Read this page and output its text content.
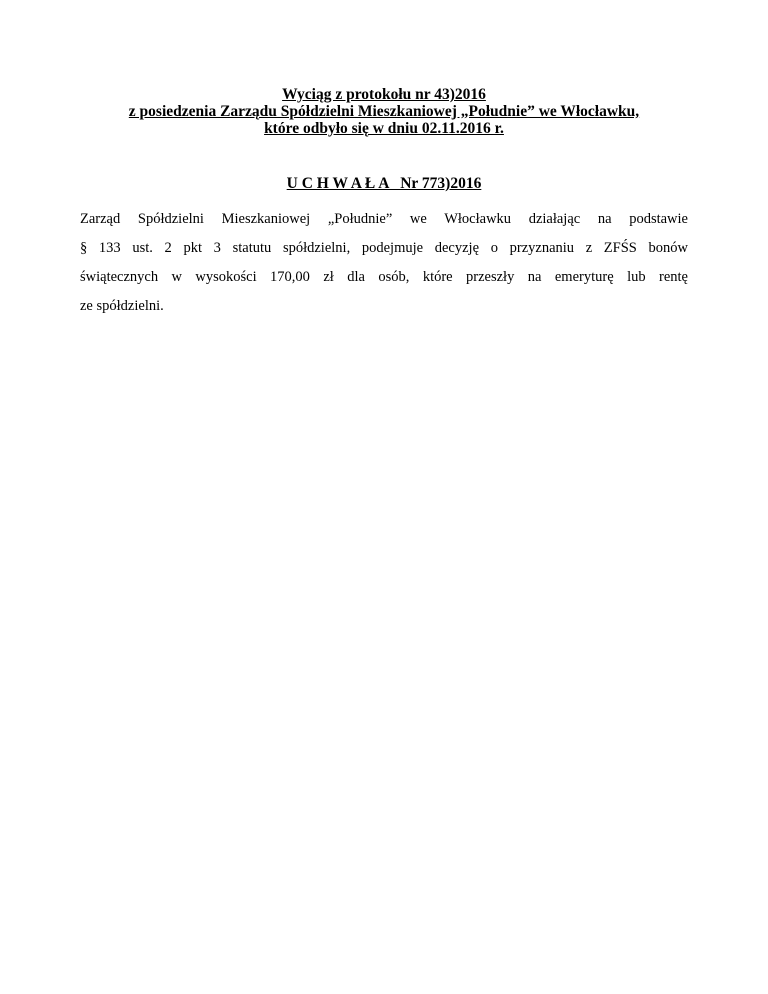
Wyciąg z protokołu nr 43)2016
z posiedzenia Zarządu Spółdzielni Mieszkaniowej „Południe” we Włocławku,
które odbyło się w dniu 02.11.2016 r.
U C H W A Ł A   Nr 773)2016
Zarząd Spółdzielni Mieszkaniowej „Południe” we Włocławku działając na podstawie
§ 133 ust. 2 pkt 3 statutu spółdzielni, podejmuje decyzję o przyznaniu z ZFŚS bonów
świątecznych w wysokości 170,00 zł dla osób, które przeszły na emeryturę lub rentę
ze spółdzielni.
